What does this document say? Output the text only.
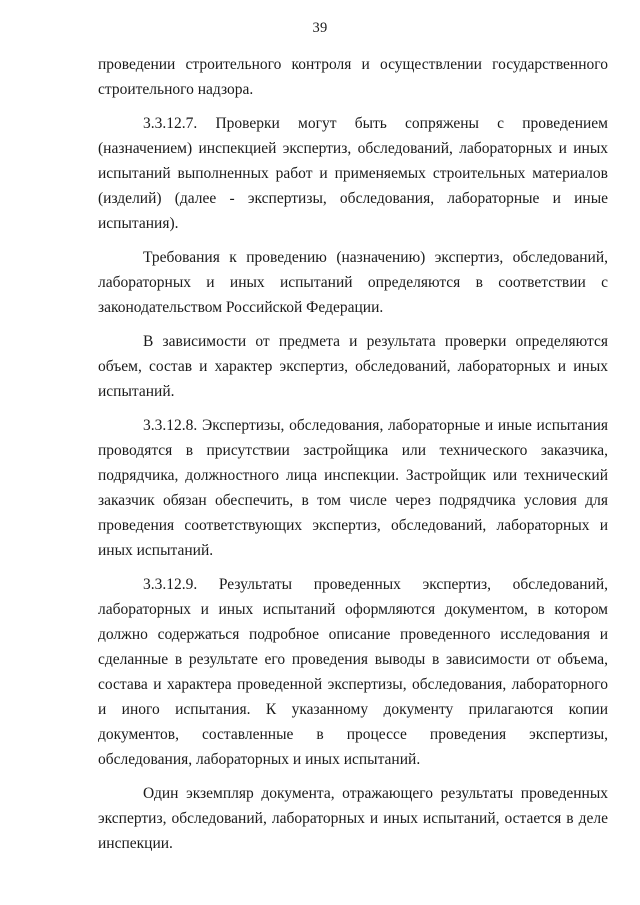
39

проведении строительного контроля и осуществлении государственного строительного надзора.

3.3.12.7. Проверки могут быть сопряжены с проведением (назначением) инспекцией экспертиз, обследований, лабораторных и иных испытаний выполненных работ и применяемых строительных материалов (изделий) (далее - экспертизы, обследования, лабораторные и иные испытания).

Требования к проведению (назначению) экспертиз, обследований, лабораторных и иных испытаний определяются в соответствии с законодательством Российской Федерации.

В зависимости от предмета и результата проверки определяются объем, состав и характер экспертиз, обследований, лабораторных и иных испытаний.

3.3.12.8. Экспертизы, обследования, лабораторные и иные испытания проводятся в присутствии застройщика или технического заказчика, подрядчика, должностного лица инспекции. Застройщик или технический заказчик обязан обеспечить, в том числе через подрядчика условия для проведения соответствующих экспертиз, обследований, лабораторных и иных испытаний.

3.3.12.9. Результаты проведенных экспертиз, обследований, лабораторных и иных испытаний оформляются документом, в котором должно содержаться подробное описание проведенного исследования и сделанные в результате его проведения выводы в зависимости от объема, состава и характера проведенной экспертизы, обследования, лабораторного и иного испытания. К указанному документу прилагаются копии документов, составленные в процессе проведения экспертизы, обследования, лабораторных и иных испытаний.

Один экземпляр документа, отражающего результаты проведенных экспертиз, обследований, лабораторных и иных испытаний, остается в деле инспекции.
